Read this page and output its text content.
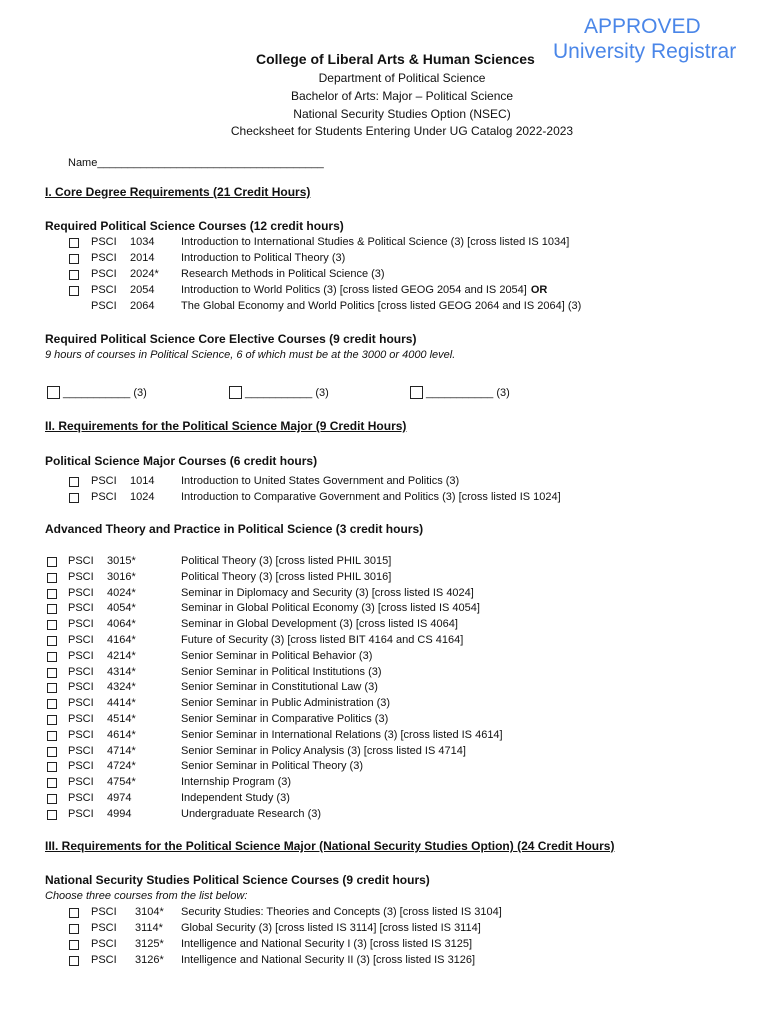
APPROVED
University Registrar
College of Liberal Arts & Human Sciences
Department of Political Science
Bachelor of Arts: Major – Political Science
National Security Studies Option (NSEC)
Checksheet for Students Entering Under UG Catalog 2022-2023
Name_____________________________________
I. Core Degree Requirements (21 Credit Hours)
Required Political Science Courses (12 credit hours)
PSCI 1034 Introduction to International Studies & Political Science (3) [cross listed IS 1034]
PSCI 2014 Introduction to Political Theory (3)
PSCI 2024* Research Methods in Political Science (3)
PSCI 2054 Introduction to World Politics (3) [cross listed GEOG 2054 and IS 2054] OR
PSCI 2064 The Global Economy and World Politics [cross listed GEOG 2064 and IS 2064] (3)
Required Political Science Core Elective Courses (9 credit hours)
9 hours of courses in Political Science, 6 of which must be at the 3000 or 4000 level.
___________ (3)	___________ (3)	___________ (3)
II. Requirements for the Political Science Major (9 Credit Hours)
Political Science Major Courses (6 credit hours)
PSCI 1014 Introduction to United States Government and Politics (3)
PSCI 1024 Introduction to Comparative Government and Politics (3) [cross listed IS 1024]
Advanced Theory and Practice in Political Science (3 credit hours)
PSCI 3015*	Political Theory (3) [cross listed PHIL 3015]
PSCI 3016*	Political Theory (3) [cross listed PHIL 3016]
PSCI 4024*	Seminar in Diplomacy and Security (3) [cross listed IS 4024]
PSCI 4054*	Seminar in Global Political Economy (3) [cross listed IS 4054]
PSCI 4064*	Seminar in Global Development (3) [cross listed IS 4064]
PSCI 4164*	Future of Security (3) [cross listed BIT 4164 and CS 4164]
PSCI 4214*	Senior Seminar in Political Behavior (3)
PSCI 4314*	Senior Seminar in Political Institutions (3)
PSCI 4324*	Senior Seminar in Constitutional Law (3)
PSCI 4414*	Senior Seminar in Public Administration (3)
PSCI 4514*	Senior Seminar in Comparative Politics (3)
PSCI 4614*	Senior Seminar in International Relations (3) [cross listed IS 4614]
PSCI 4714*	Senior Seminar in Policy Analysis (3) [cross listed IS 4714]
PSCI 4724*	Senior Seminar in Political Theory (3)
PSCI 4754*	Internship Program (3)
PSCI 4974	Independent Study (3)
PSCI 4994	Undergraduate Research (3)
III. Requirements for the Political Science Major (National Security Studies Option) (24 Credit Hours)
National Security Studies Political Science Courses (9 credit hours)
Choose three courses from the list below:
PSCI 3104* Security Studies: Theories and Concepts (3) [cross listed IS 3104]
PSCI 3114* Global Security (3) [cross listed IS 3114] [cross listed IS 3114]
PSCI 3125* Intelligence and National Security I (3) [cross listed IS 3125]
PSCI 3126* Intelligence and National Security II (3) [cross listed IS 3126]
